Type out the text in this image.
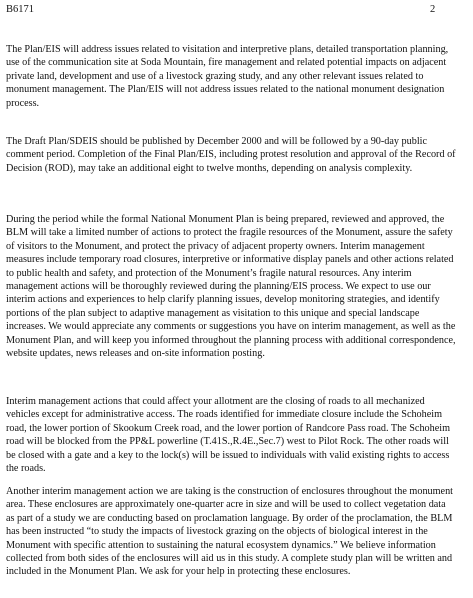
B6171	2

The Plan/EIS will address issues related to visitation and interpretive plans, detailed transportation planning, use of the communication site at Soda Mountain, fire management and related potential impacts on adjacent private land, development and use of a livestock grazing study, and any other relevant issues related to monument management. The Plan/EIS will not address issues related to the national monument designation process.

The Draft Plan/SDEIS should be published by December 2000 and will be followed by a 90-day public comment period. Completion of the Final Plan/EIS, including protest resolution and approval of the Record of Decision (ROD), may take an additional eight to twelve months, depending on analysis complexity.

During the period while the formal National Monument Plan is being prepared, reviewed and approved, the BLM will take a limited number of actions to protect the fragile resources of the Monument, assure the safety of visitors to the Monument, and protect the privacy of adjacent property owners. Interim management measures include temporary road closures, interpretive or informative display panels and other actions related to public health and safety, and protection of the Monument’s fragile natural resources. Any interim management actions will be thoroughly reviewed during the planning/EIS process. We expect to use our interim actions and experiences to help clarify planning issues, develop monitoring strategies, and identify portions of the plan subject to adaptive management as visitation to this unique and special landscape increases. We would appreciate any comments or suggestions you have on interim management, as well as the Monument Plan, and will keep you informed throughout the planning process with additional correspondence, website updates, news releases and on-site information posting.

Interim management actions that could affect your allotment are the closing of roads to all mechanized vehicles except for administrative access. The roads identified for immediate closure include the Schoheim road, the lower portion of Skookum Creek road, and the lower portion of Randcore Pass road. The Schoheim road will be blocked from the PP&L powerline (T.41S.,R.4E.,Sec.7) west to Pilot Rock. The other roads will be closed with a gate and a key to the lock(s) will be issued to individuals with valid existing rights to access the roads.

Another interim management action we are taking is the construction of enclosures throughout the monument area. These enclosures are approximately one-quarter acre in size and will be used to collect vegetation data as part of a study we are conducting based on proclamation language. By order of the proclamation, the BLM has been instructed “to study the impacts of livestock grazing on the objects of biological interest in the Monument with specific attention to sustaining the natural ecosystem dynamics.” We believe information collected from both sides of the enclosures will aid us in this study. A complete study plan will be written and included in the Monument Plan. We ask for your help in protecting these enclosures.
